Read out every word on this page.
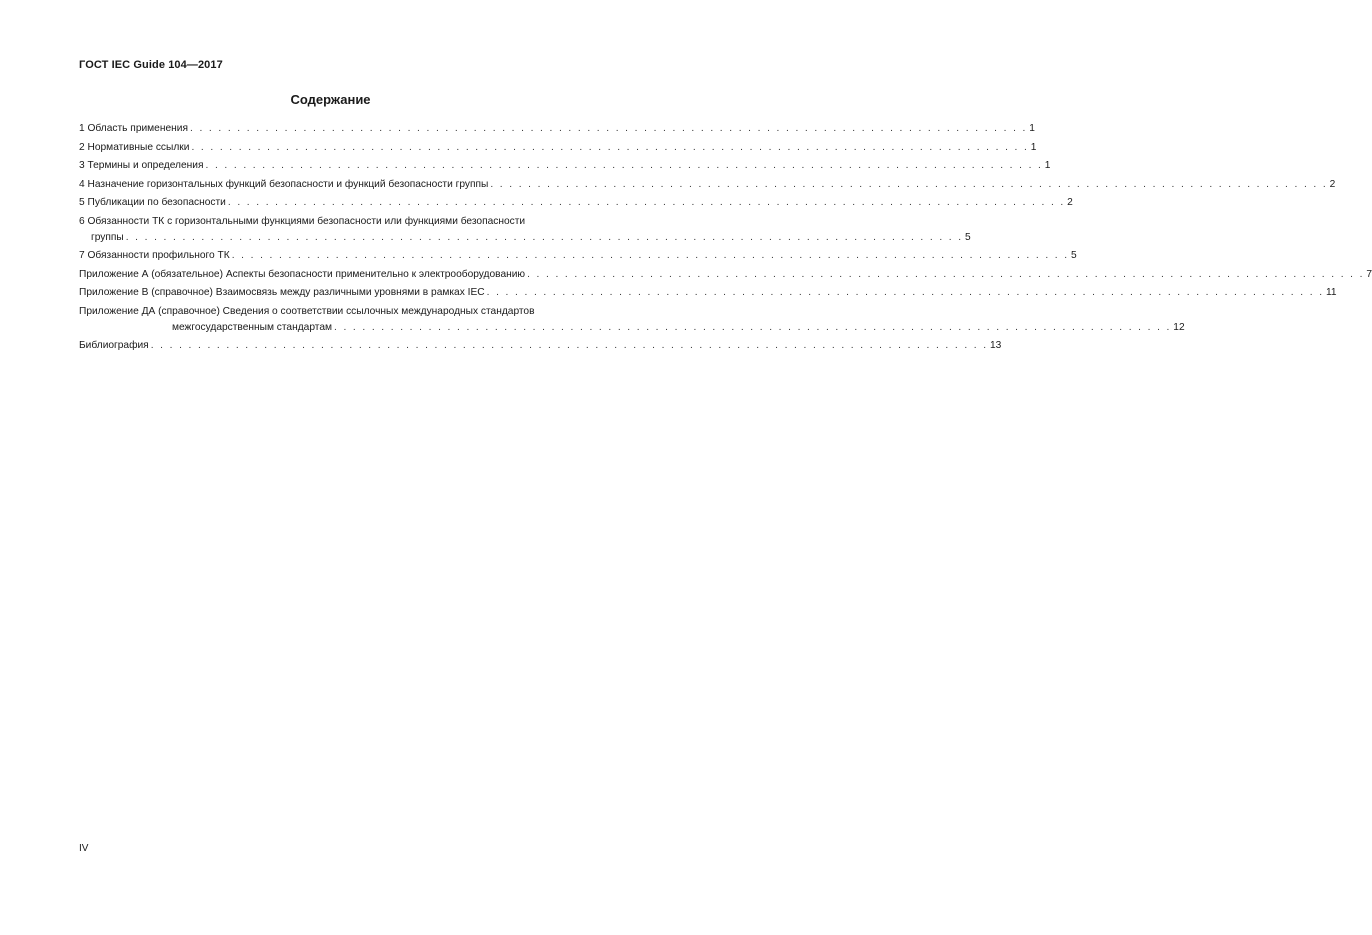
ГОСТ IEC Guide 104—2017
Содержание
1 Область применения . . . . . . . . . . . . . . . . . . . . . . . . . . . . . . . . . . . . . . . . . . . . . . . . . . . . . . . . . . . . . . . . . . . . . . . . . . . . . . . . . . . . . . . . . 1
2 Нормативные ссылки . . . . . . . . . . . . . . . . . . . . . . . . . . . . . . . . . . . . . . . . . . . . . . . . . . . . . . . . . . . . . . . . . . . . . . . . . . . . . . . . . . . . . . . . . 1
3 Термины и определения . . . . . . . . . . . . . . . . . . . . . . . . . . . . . . . . . . . . . . . . . . . . . . . . . . . . . . . . . . . . . . . . . . . . . . . . . . . . . . . . . . . . . . . . . 1
4 Назначение горизонтальных функций безопасности и функций безопасности группы . . . . . . . . . . . . . . . . . . . . . . . . . . . . . . . . . . . . . . . . . . . . . . . . . . . . . . . . . . . . . . . . . . . . . . . . . . . . . . . . . . . . . . . . . 2
5 Публикации по безопасности . . . . . . . . . . . . . . . . . . . . . . . . . . . . . . . . . . . . . . . . . . . . . . . . . . . . . . . . . . . . . . . . . . . . . . . . . . . . . . . . . . . . . . . . . 2
6 Обязанности ТК с горизонтальными функциями безопасности или функциями безопасности
группы . . . . . . . . . . . . . . . . . . . . . . . . . . . . . . . . . . . . . . . . . . . . . . . . . . . . . . . . . . . . . . . . . . . . . . . . . . . . . . . . . . . . . . . . . 5
7 Обязанности профильного ТК . . . . . . . . . . . . . . . . . . . . . . . . . . . . . . . . . . . . . . . . . . . . . . . . . . . . . . . . . . . . . . . . . . . . . . . . . . . . . . . . . . . . . . . . . 5
Приложение А (обязательное) Аспекты безопасности применительно к электрооборудованию . . . . . . . . . . . . . . . . . . . . . . . . . . . . . . . . . . . . . . . . . . . . . . . . . . . . . . . . . . . . . . . . . . . . . . . . . . . . . . . . . . . . . . . . . 7
Приложение В (справочное) Взаимосвязь между различными уровнями в рамках IEC . . . . . . . . . . . . . . . . . . . . . . . . . . . . . . . . . . . . . . . . . . . . . . . . . . . . . . . . . . . . . . . . . . . . . . . . . . . . . . . . . . . . . . . . . 11
Приложение ДА (справочное) Сведения о соответствии ссылочных международных стандартов
межгосударственным стандартам . . . . . . . . . . . . . . . . . . . . . . . . . . . . . . . . . . . . . . . . . . . . . . . . . . . . . . . . . . . . . . . . . . . . . . . . . . . . . . . . . . . . . . . . . 12
Библиография . . . . . . . . . . . . . . . . . . . . . . . . . . . . . . . . . . . . . . . . . . . . . . . . . . . . . . . . . . . . . . . . . . . . . . . . . . . . . . . . . . . . . . . . . 13
IV
